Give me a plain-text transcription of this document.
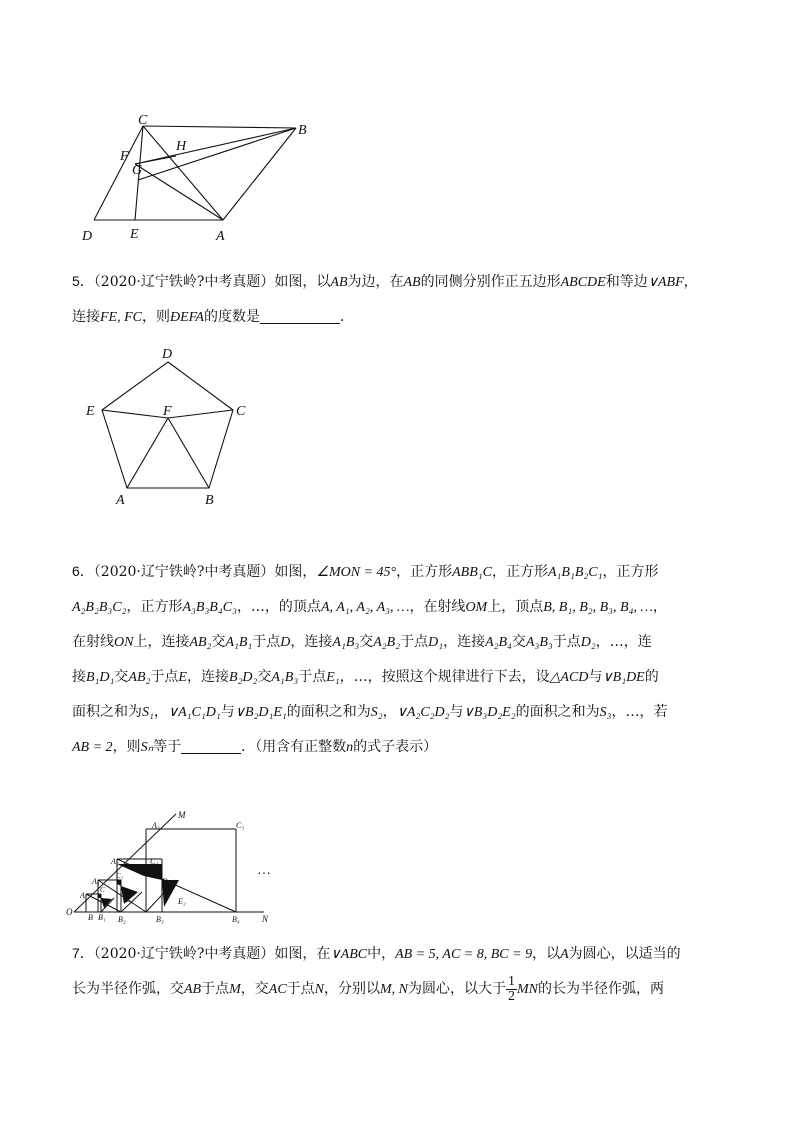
C
B
F
H
G
D	E	A
5．（2020·辽宁铁岭?中考真题）如图，以AB为边，在AB的同侧分别作正五边形ABCDE和等边∨ABF，
连接FE, FC，则ÐEFA的度数是	．
D
E	F	C
A	B
6．（2020·辽宁铁岭?中考真题）如图，∠MON = 45°，正方形ABB₁C，正方形A₁B₁B₂C₁，正方形
A₂B₂B₃C₂，正方形A₃B₃B₄C₃，…，的顶点A, A₁, A₂, A₃, …，在射线OM上，顶点B, B₁, B₂, B₃, B₄, …，
在射线ON上，连接AB₂交A₁B₁于点D，连接A₁B₃交A₂B₂于点D₁，连接A₂B₄交A₃B₃于点D₂，…，连
接B₁D₁交AB₂于点E，连接B₂D₂交A₁B₃于点E₁，…，按照这个规律进行下去，设△ACD与∨B₁DE的
面积之和为S₁，∨A₁C₁D₁与∨B₂D₁E₁的面积之和为S₂，∨A₂C₂D₂与∨B₃D₂E₂的面积之和为S₃，…，若
AB = 2，则Sₙ等于	．（用含有正整数n的式子表示）
M
N
O
A
A₁
A₂
A₃
B B₁ B₂	B₃	B₄
C
C₁
C₂
C₃
D₁
D₂
E	E₁	E₂
…
7．（2020·辽宁铁岭?中考真题）如图，在∨ABC中，AB = 5, AC = 8, BC = 9，以A为圆心，以适当的
长为半径作弧，交AB于点M，交AC于点N，分别以M, N为圆心，以大于 $\frac{1}{2}$ MN的长为半径作弧，两
